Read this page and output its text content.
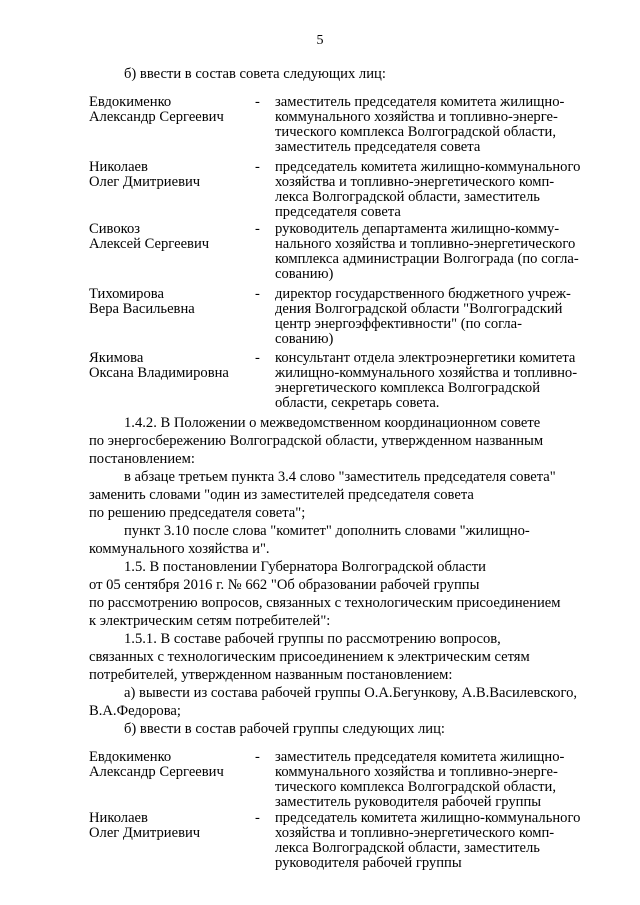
5
б) ввести в состав совета следующих лиц:
Евдокименко
Александр Сергеевич
- заместитель председателя комитета жилищно-
коммунального хозяйства и топливно-энерге-
тического комплекса Волгоградской области,
заместитель председателя совета
Николаев
Олег Дмитриевич
- председатель комитета жилищно-коммунального
хозяйства и топливно-энергетического комп-
лекса Волгоградской области, заместитель
председателя совета
Сивокоз
Алексей Сергеевич
- руководитель департамента жилищно-комму-
нального хозяйства и топливно-энергетического
комплекса администрации Волгограда (по согла-
сованию)
Тихомирова
Вера Васильевна
- директор государственного бюджетного учреж-
дения Волгоградской области "Волгоградский
центр энергоэффективности" (по согла-
сованию)
Якимова
Оксана Владимировна
- консультант отдела электроэнергетики комитета
жилищно-коммунального хозяйства и топливно-
энергетического комплекса Волгоградской
области, секретарь совета.
1.4.2. В Положении о межведомственном координационном совете
по энергосбережению Волгоградской области, утвержденном названным
постановлением:
в абзаце третьем пункта 3.4 слово "заместитель председателя совета"
заменить словами "один из заместителей председателя совета
по решению председателя совета";
пункт 3.10 после слова "комитет" дополнить словами "жилищно-
коммунального хозяйства и".
1.5. В постановлении Губернатора Волгоградской области
от 05 сентября 2016 г. № 662 "Об образовании рабочей группы
по рассмотрению вопросов, связанных с технологическим присоединением
к электрическим сетям потребителей":
1.5.1. В составе рабочей группы по рассмотрению вопросов,
связанных с технологическим присоединением к электрическим сетям
потребителей, утвержденном названным постановлением:
а) вывести из состава рабочей группы О.А.Бегункову, А.В.Василевского,
В.А.Федорова;
б) ввести в состав рабочей группы следующих лиц:
Евдокименко
Александр Сергеевич
- заместитель председателя комитета жилищно-
коммунального хозяйства и топливно-энерге-
тического комплекса Волгоградской области,
заместитель руководителя рабочей группы
Николаев
Олег Дмитриевич
- председатель комитета жилищно-коммунального
хозяйства и топливно-энергетического комп-
лекса Волгоградской области, заместитель
руководителя рабочей группы
